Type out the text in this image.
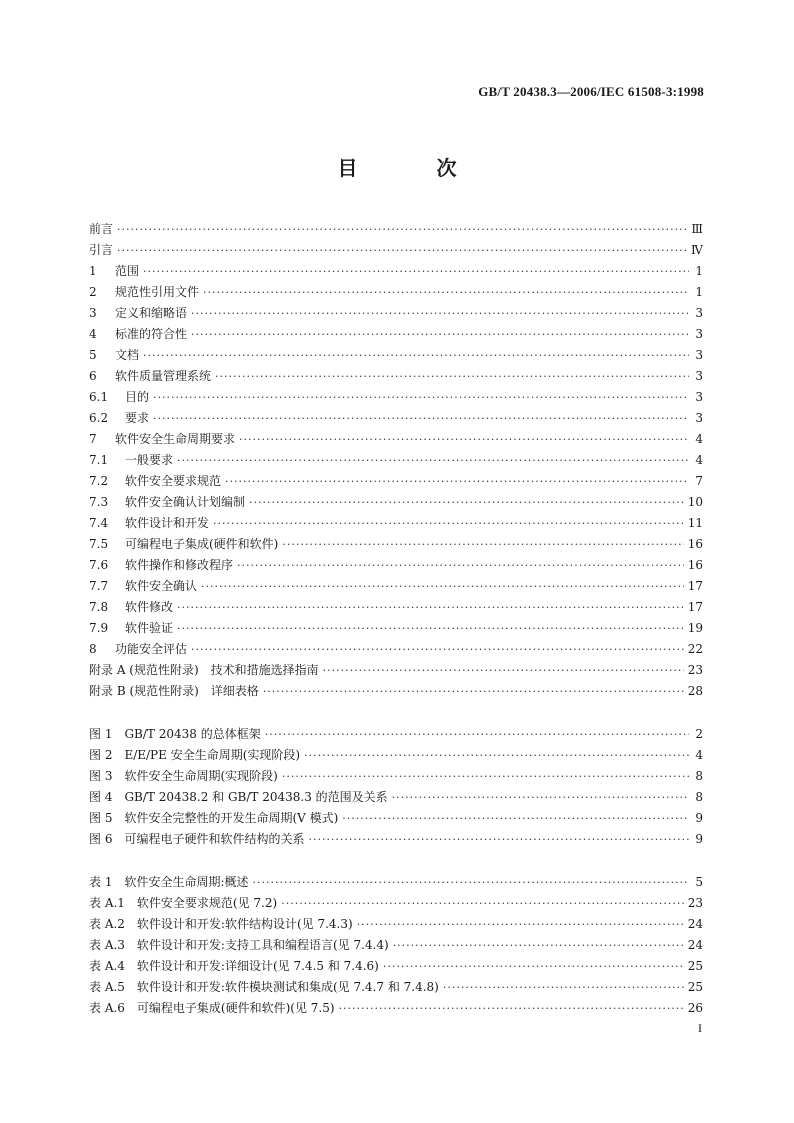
GB/T 20438.3—2006/IEC 61508-3:1998
目 次
前言 ·····	Ⅲ
引言 ·····	Ⅳ
1 范围 ·····	1
2 规范性引用文件 ·····	1
3 定义和缩略语 ·····	3
4 标准的符合性 ·····	3
5 文档 ·····	3
6 软件质量管理系统 ·····	3
6.1 目的 ·····	3
6.2 要求 ·····	3
7 软件安全生命周期要求 ·····	4
7.1 一般要求 ·····	4
7.2 软件安全要求规范 ·····	7
7.3 软件安全确认计划编制 ·····	10
7.4 软件设计和开发 ·····	11
7.5 可编程电子集成(硬件和软件) ·····	16
7.6 软件操作和修改程序 ·····	16
7.7 软件安全确认 ·····	17
7.8 软件修改 ·····	17
7.9 软件验证 ·····	19
8 功能安全评估 ·····	22
附录 A (规范性附录)　技术和措施选择指南 ·····	23
附录 B (规范性附录)　详细表格 ·····	28
图 1　GB/T 20438 的总体框架 ·····	2
图 2　E/E/PE 安全生命周期(实现阶段) ·····	4
图 3　软件安全生命周期(实现阶段) ·····	8
图 4　GB/T 20438.2 和 GB/T 20438.3 的范围及关系 ·····	8
图 5　软件安全完整性的开发生命周期(V 模式) ·····	9
图 6　可编程电子硬件和软件结构的关系 ·····	9
表 1　软件安全生命周期:概述 ·····	5
表 A.1　软件安全要求规范(见 7.2) ·····	23
表 A.2　软件设计和开发:软件结构设计(见 7.4.3) ·····	24
表 A.3　软件设计和开发:支持工具和编程语言(见 7.4.4) ·····	24
表 A.4　软件设计和开发:详细设计(见 7.4.5 和 7.4.6) ·····	25
表 A.5　软件设计和开发:软件模块测试和集成(见 7.4.7 和 7.4.8) ·····	25
表 A.6　可编程电子集成(硬件和软件)(见 7.5) ·····	26
I
